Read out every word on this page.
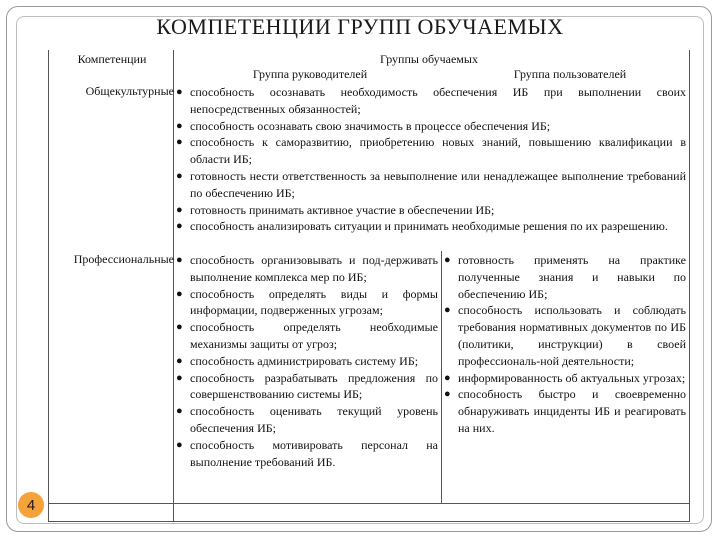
КОМПЕТЕНЦИИ ГРУПП ОБУЧАЕМЫХ
Компетенции	Группы обучаемых
Группа руководителей	Группа пользователей
Общекультурные ● способность осознавать необходимость обеспечения ИБ при выполнении своих непосредственных обязанностей;
● способность осознавать свою значимость в процессе обеспечения ИБ;
● способность к саморазвитию, приобретению новых знаний, повышению квалификации в области ИБ;
● готовность нести ответственность за невыполнение или ненадлежащее выполнение требований по обеспечению ИБ;
● готовность принимать активное участие в обеспечении ИБ;
● способность анализировать ситуации и принимать необходимые решения по их разрешению.
Профессиональные ● способность организовывать и под-держивать выполнение комплекса мер по ИБ;
● способность определять виды и формы информации, подверженных угрозам;
● способность определять необходимые механизмы защиты от угроз;
● способность администрировать систему ИБ;
● способность разрабатывать предложения по совершенствованию системы ИБ;
● способность оценивать текущий уровень обеспечения ИБ;
● способность мотивировать персонал на выполнение требований ИБ.
● готовность применять на практике полученные знания и навыки по обеспечению ИБ;
● способность использовать и соблюдать требования нормативных документов по ИБ (политики, инструкции) в своей профессиональ-ной деятельности;
● информированность об актуальных угрозах;
● способность быстро и своевременно обнаруживать инциденты ИБ и реагировать на них.
4
